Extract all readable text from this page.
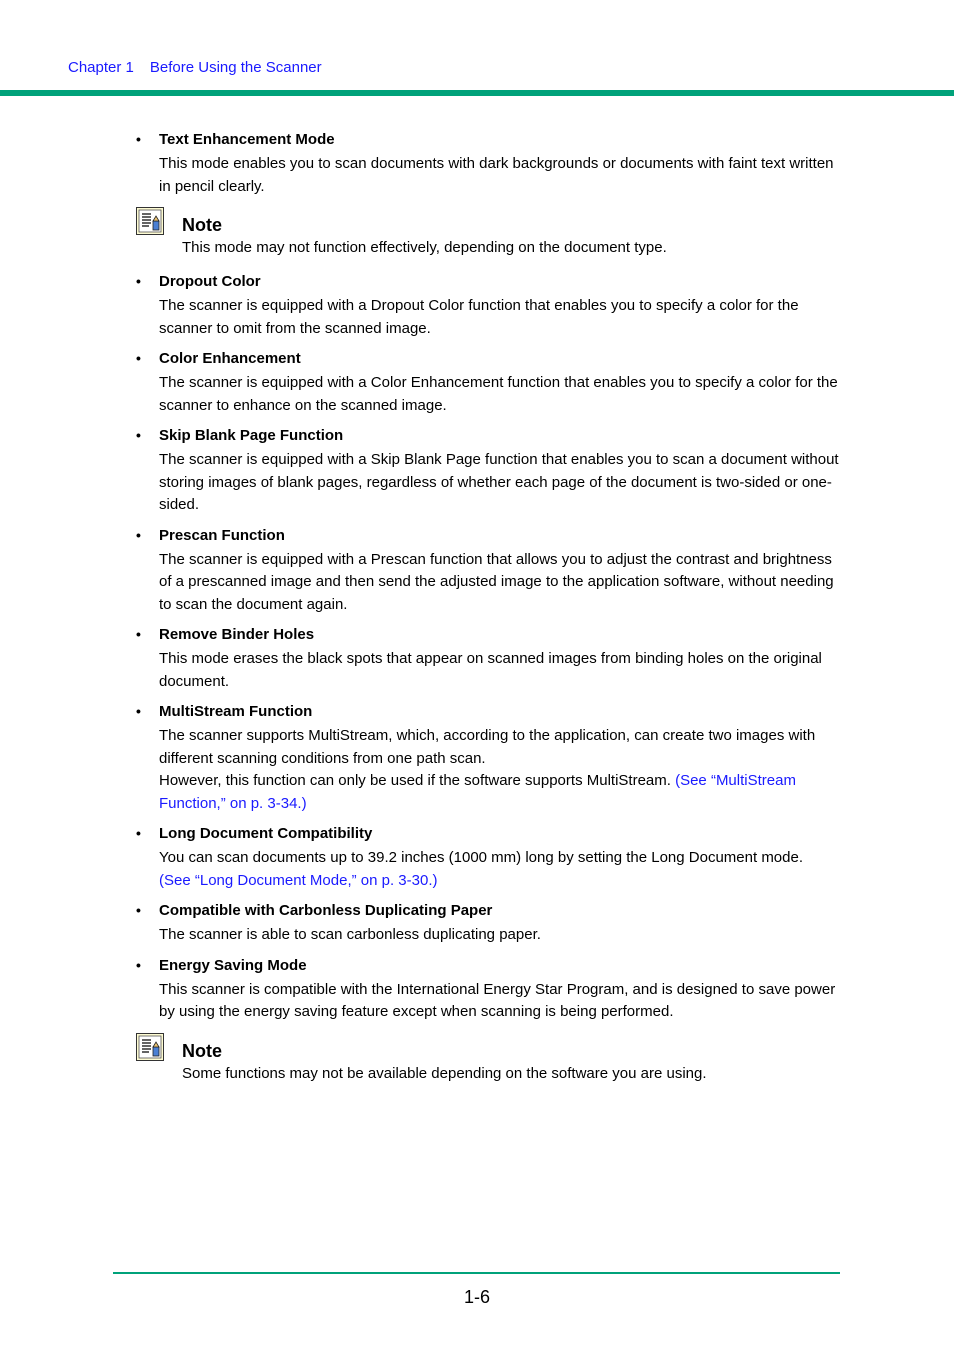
Chapter 1 Before Using the Scanner
• Text Enhancement Mode
This mode enables you to scan documents with dark backgrounds or documents with faint text written in pencil clearly.
Note
This mode may not function effectively, depending on the document type.
• Dropout Color
The scanner is equipped with a Dropout Color function that enables you to specify a color for the scanner to omit from the scanned image.
• Color Enhancement
The scanner is equipped with a Color Enhancement function that enables you to specify a color for the scanner to enhance on the scanned image.
• Skip Blank Page Function
The scanner is equipped with a Skip Blank Page function that enables you to scan a document without storing images of blank pages, regardless of whether each page of the document is two-sided or one-sided.
• Prescan Function
The scanner is equipped with a Prescan function that allows you to adjust the contrast and brightness of a prescanned image and then send the adjusted image to the application software, without needing to scan the document again.
• Remove Binder Holes
This mode erases the black spots that appear on scanned images from binding holes on the original document.
• MultiStream Function
The scanner supports MultiStream, which, according to the application, can create two images with different scanning conditions from one path scan.
However, this function can only be used if the software supports MultiStream. (See “MultiStream Function,” on p. 3-34.)
• Long Document Compatibility
You can scan documents up to 39.2 inches (1000 mm) long by setting the Long Document mode.
(See “Long Document Mode,” on p. 3-30.)
• Compatible with Carbonless Duplicating Paper
The scanner is able to scan carbonless duplicating paper.
• Energy Saving Mode
This scanner is compatible with the International Energy Star Program, and is designed to save power by using the energy saving feature except when scanning is being performed.
Note
Some functions may not be available depending on the software you are using.
1-6
